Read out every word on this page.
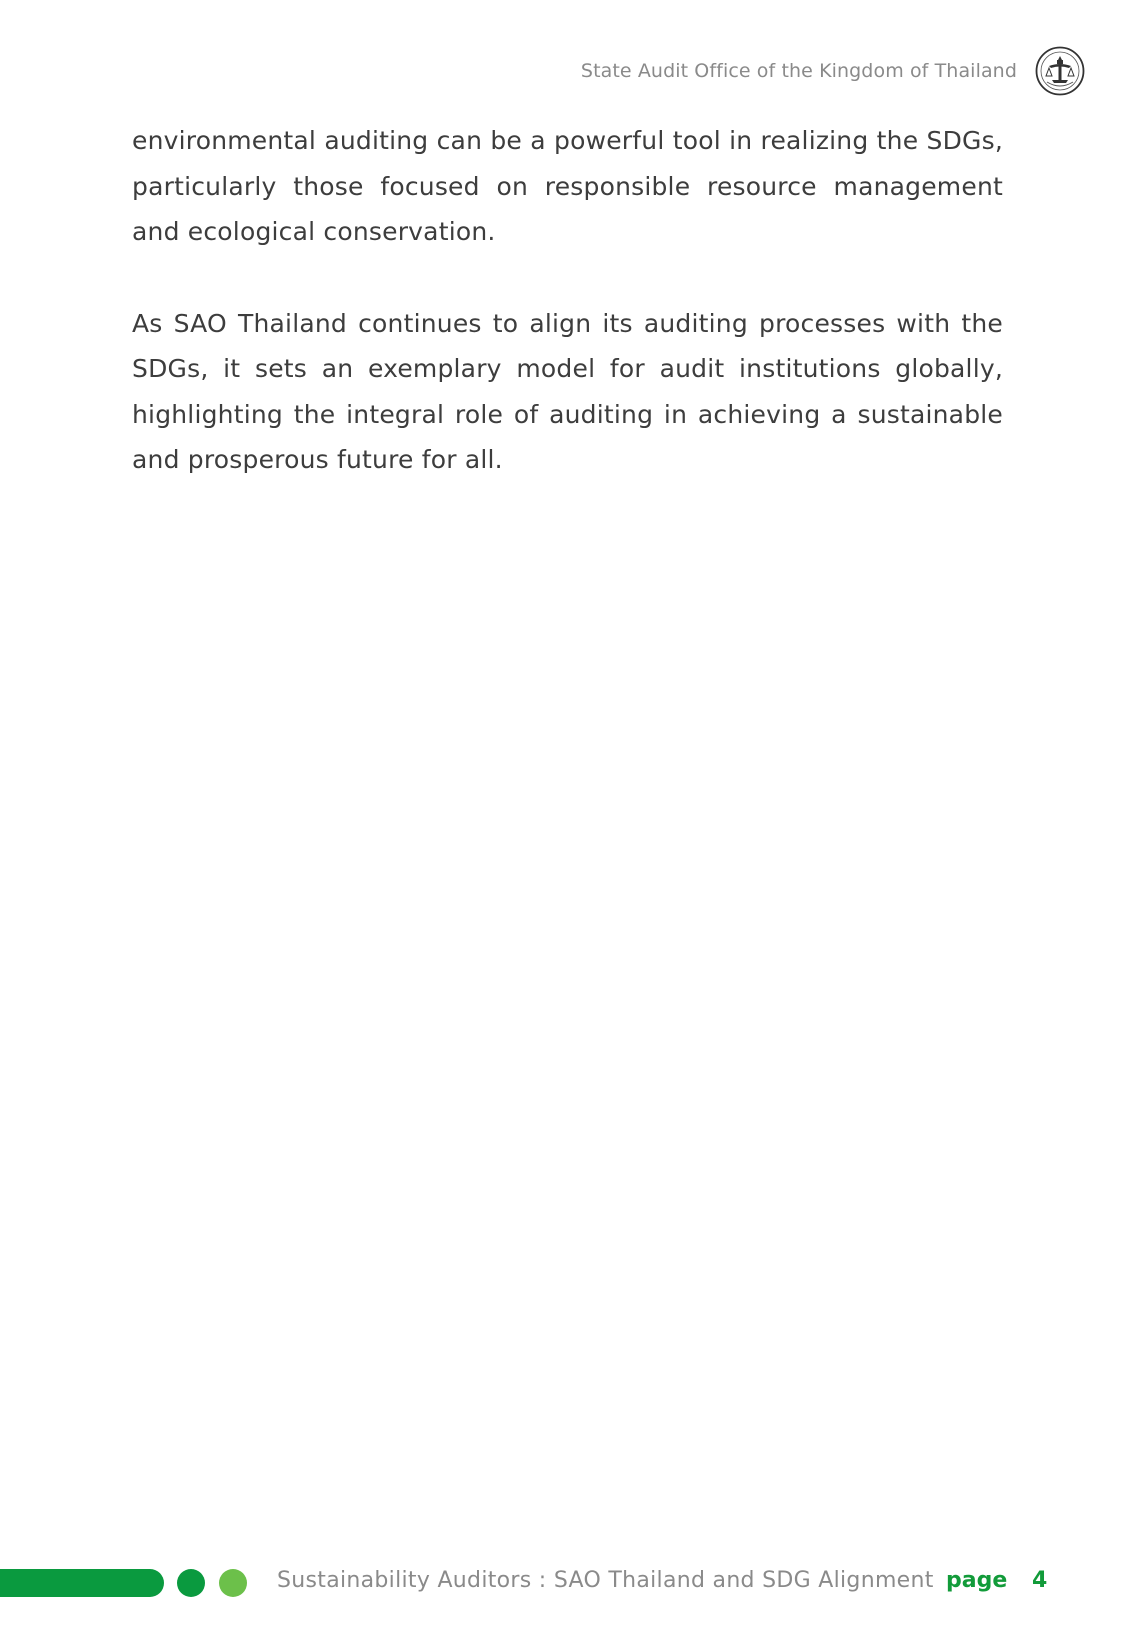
State Audit Office of the Kingdom of Thailand

environmental auditing can be a powerful tool in realizing the SDGs, particularly those focused on responsible resource management and ecological conservation.

As SAO Thailand continues to align its auditing processes with the SDGs, it sets an exemplary model for audit institutions globally, highlighting the integral role of auditing in achieving a sustainable and prosperous future for all.

Sustainability Auditors : SAO Thailand and SDG Alignment page 4
